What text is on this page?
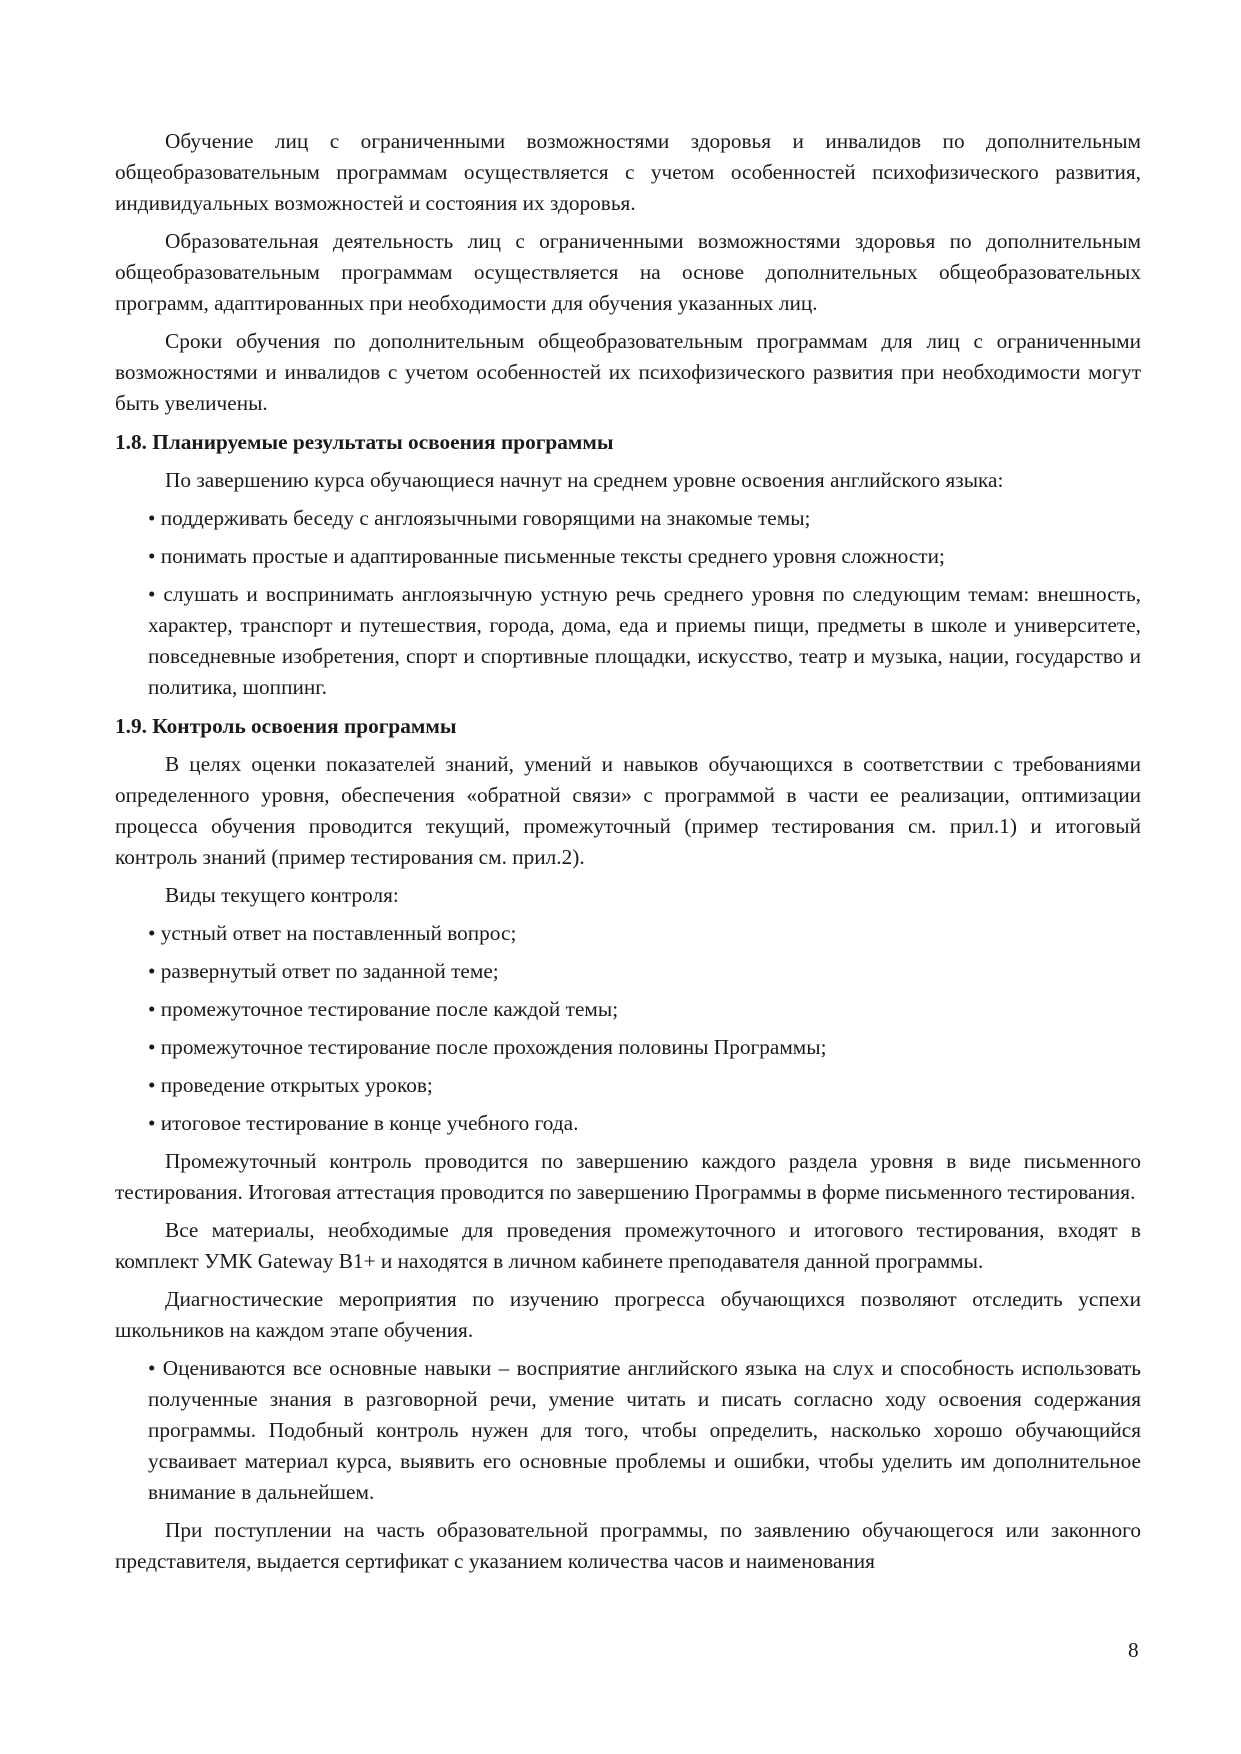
Обучение лиц с ограниченными возможностями здоровья и инвалидов по дополнительным общеобразовательным программам осуществляется с учетом особенностей психофизического развития, индивидуальных возможностей и состояния их здоровья.

Образовательная деятельность лиц с ограниченными возможностями здоровья по дополнительным общеобразовательным программам осуществляется на основе дополнительных общеобразовательных программ, адаптированных при необходимости для обучения указанных лиц.

Сроки обучения по дополнительным общеобразовательным программам для лиц с ограниченными возможностями и инвалидов с учетом особенностей их психофизического развития при необходимости могут быть увеличены.

1.8. Планируемые результаты освоения программы

По завершению курса обучающиеся начнут на среднем уровне освоения английского языка:

• поддерживать беседу с англоязычными говорящими на знакомые темы;

• понимать простые и адаптированные письменные тексты среднего уровня сложности;

• слушать и воспринимать англоязычную устную речь среднего уровня по следующим темам: внешность, характер, транспорт и путешествия, города, дома, еда и приемы пищи, предметы в школе и университете, повседневные изобретения, спорт и спортивные площадки, искусство, театр и музыка, нации, государство и политика, шоппинг.

1.9. Контроль освоения программы

В целях оценки показателей знаний, умений и навыков обучающихся в соответствии с требованиями определенного уровня, обеспечения «обратной связи» с программой в части ее реализации, оптимизации процесса обучения проводится текущий, промежуточный (пример тестирования см. прил.1) и итоговый контроль знаний (пример тестирования см. прил.2).

Виды текущего контроля:

• устный ответ на поставленный вопрос;

• развернутый ответ по заданной теме;

• промежуточное тестирование после каждой темы;

• промежуточное тестирование после прохождения половины Программы;

• проведение открытых уроков;

• итоговое тестирование в конце учебного года.

Промежуточный контроль проводится по завершению каждого раздела уровня в виде письменного тестирования. Итоговая аттестация проводится по завершению Программы в форме письменного тестирования.

Все материалы, необходимые для проведения промежуточного и итогового тестирования, входят в комплект УМК Gateway B1+ и находятся в личном кабинете преподавателя данной программы.

Диагностические мероприятия по изучению прогресса обучающихся позволяют отследить успехи школьников на каждом этапе обучения.

• Оцениваются все основные навыки – восприятие английского языка на слух и способность использовать полученные знания в разговорной речи, умение читать и писать согласно ходу освоения содержания программы. Подобный контроль нужен для того, чтобы определить, насколько хорошо обучающийся усваивает материал курса, выявить его основные проблемы и ошибки, чтобы уделить им дополнительное внимание в дальнейшем.

При поступлении на часть образовательной программы, по заявлению обучающегося или законного представителя, выдается сертификат с указанием количества часов и наименования

8
